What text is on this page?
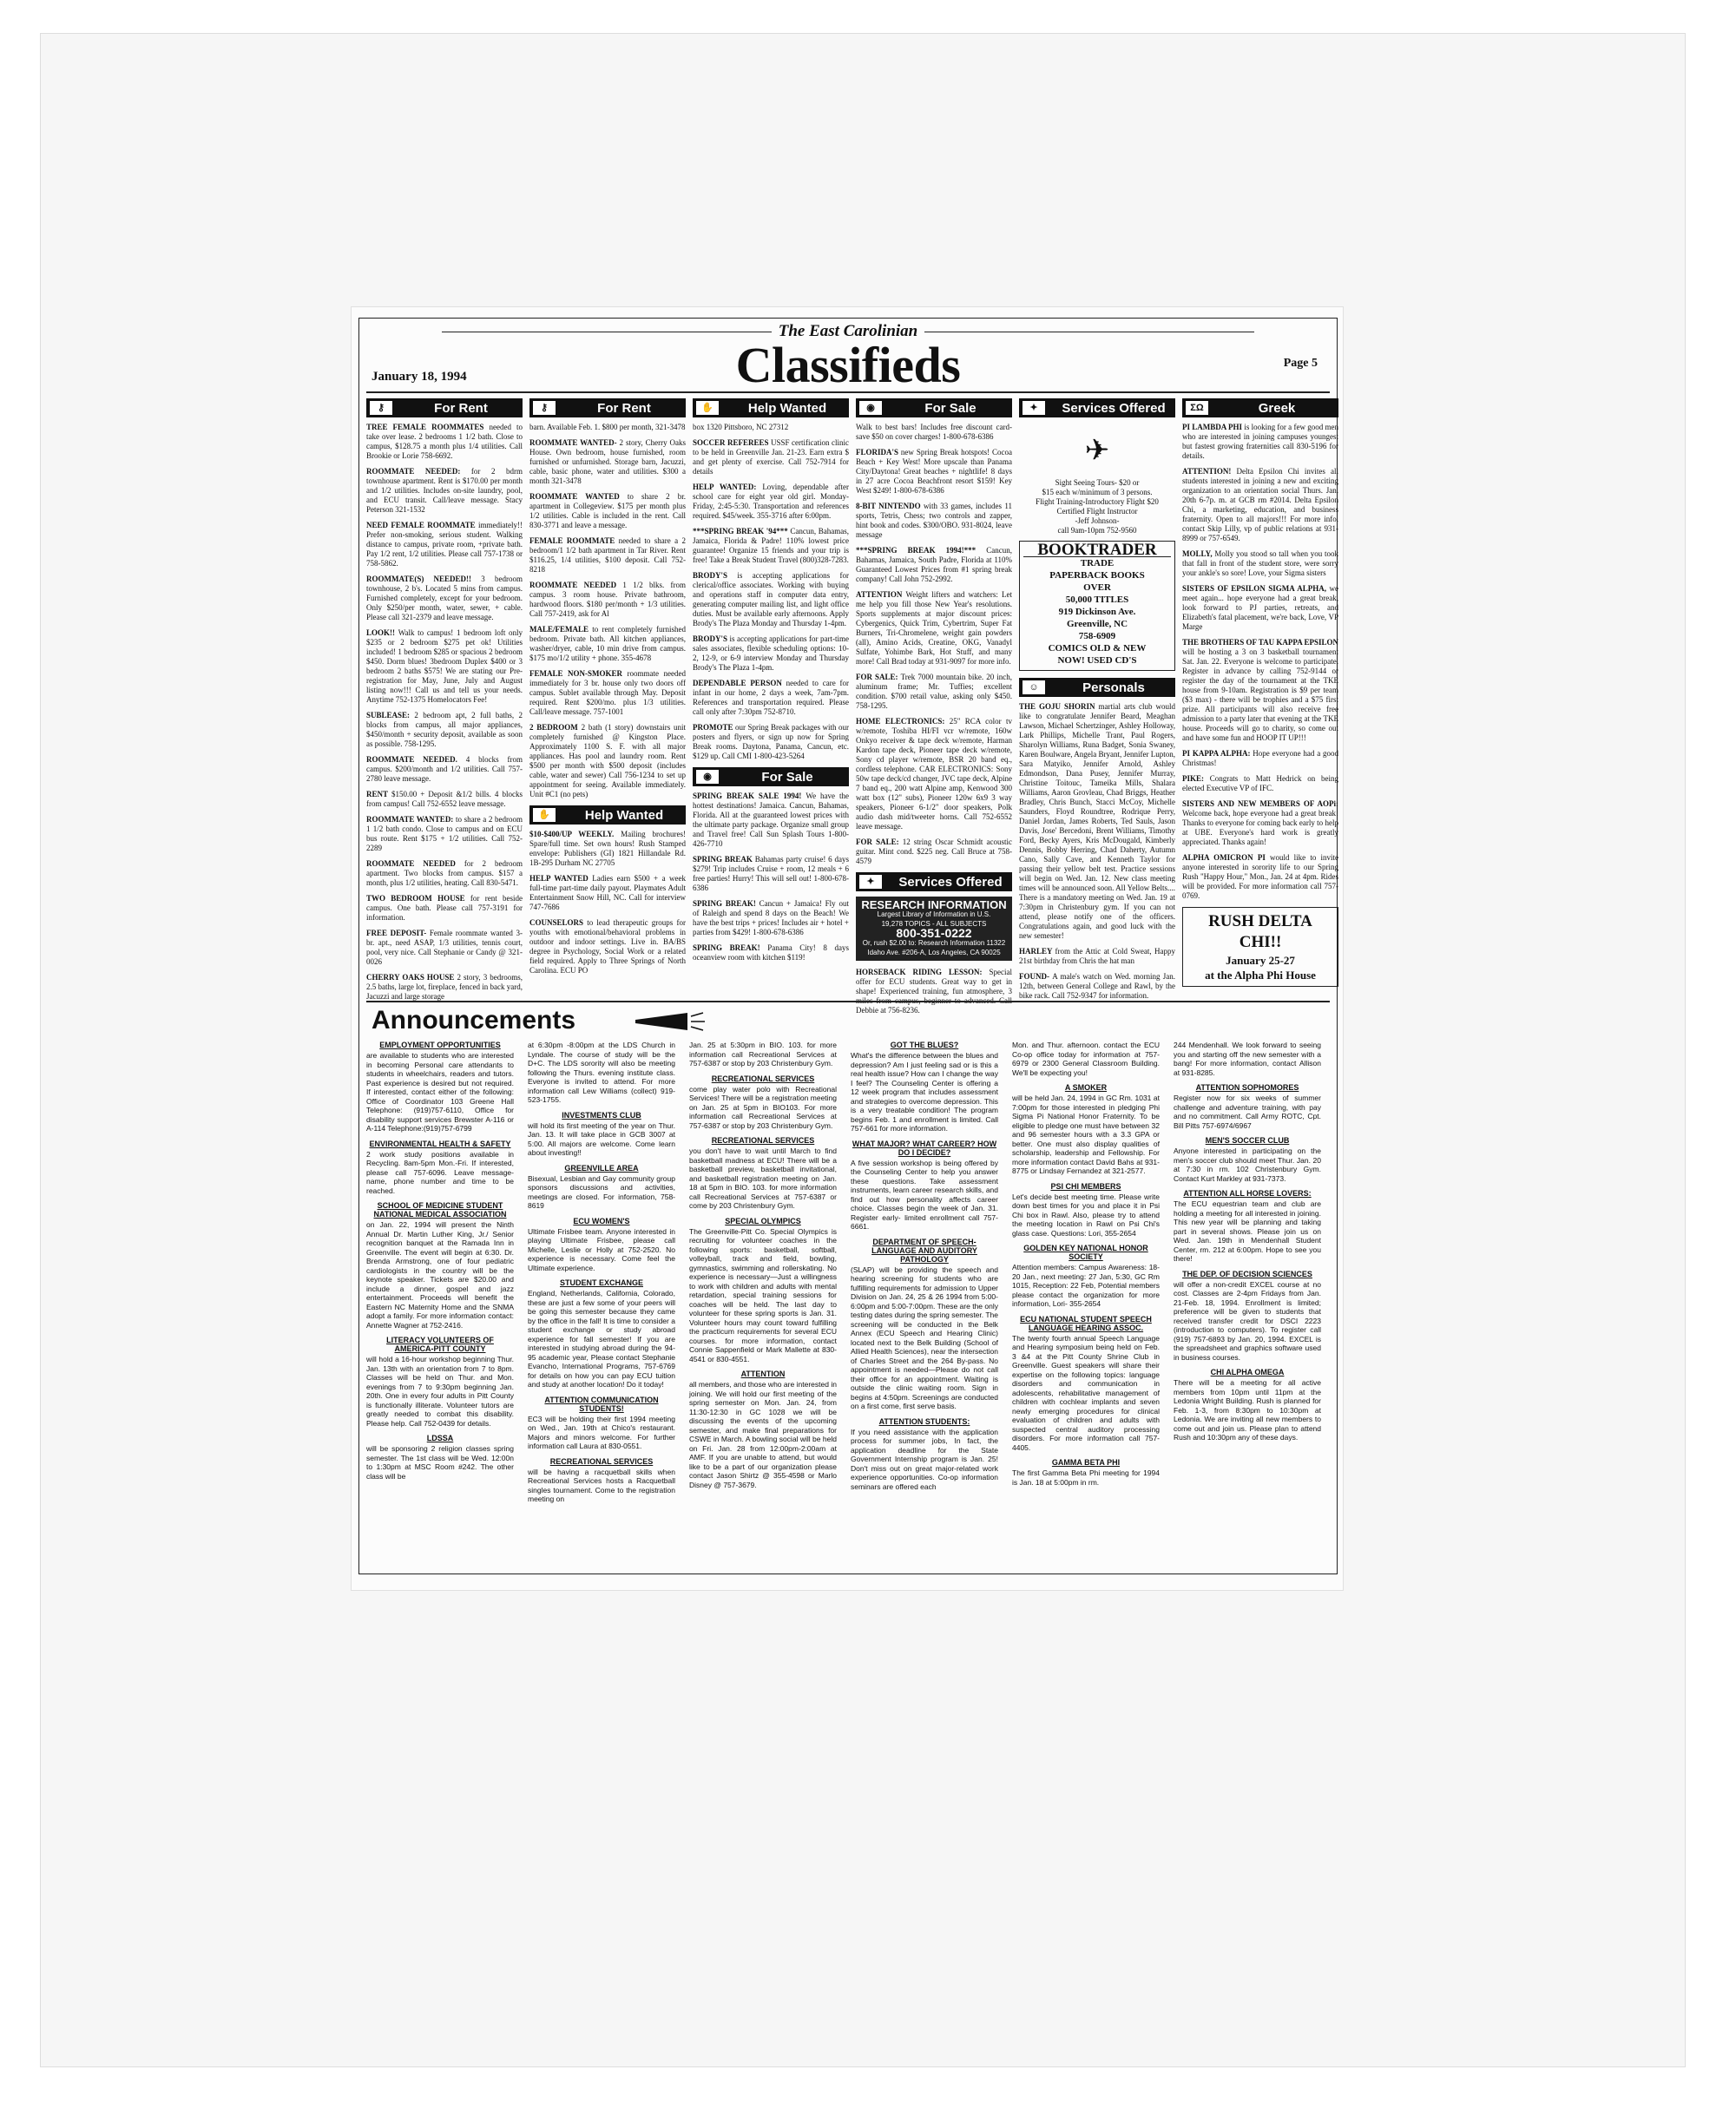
The East Carolinian
Classifieds
January 18, 1994
Page 5
⚷	For Rent
TREE FEMALE ROOMMATES needed to take over lease. 2 bedrooms 1 1/2 bath. Close to campus, $128.75 a month plus 1/4 utilities. Call Brookie or Lorie 758-6692.
ROOMMATE NEEDED: for 2 bdrm townhouse apartment. Rent is $170.00 per month and 1/2 utilities. Includes on-site laundry, pool, and ECU transit. Call/leave message. Stacy Peterson 321-1532
NEED FEMALE ROOMMATE immediately!! Prefer non-smoking, serious student. Walking distance to campus, private room, +private bath. Pay 1/2 rent, 1/2 utilities. Please call 757-1738 or 758-5862.
ROOMMATE(S) NEEDED!! 3 bedroom townhouse, 2 b's. Located 5 mins from campus. Furnished completely, except for your bedroom. Only $250/per month, water, sewer, + cable. Please call 321-2379 and leave message.
LOOK!! Walk to campus! 1 bedroom loft only $235 or 2 bedroom $275 pet ok! Utilities included! 1 bedroom $285 or spacious 2 bedroom $450. Dorm blues! 3bedroom Duplex $400 or 3 bedroom 2 baths $575! We are stating our Pre-registration for May, June, July and August listing now!!! Call us and tell us your needs. Anytime 752-1375 Homelocators Fee!
SUBLEASE: 2 bedroom apt, 2 full baths, 2 blocks from campus, all major appliances, $450/month + security deposit, available as soon as possible. 758-1295.
ROOMMATE NEEDED. 4 blocks from campus. $200/month and 1/2 utilities. Call 757-2780 leave message.
RENT $150.00 + Deposit &1/2 bills. 4 blocks from campus! Call 752-6552 leave message.
ROOMMATE WANTED: to share a 2 bedroom 1 1/2 bath condo. Close to campus and on ECU bus route. Rent $175 + 1/2 utilities. Call 752-2289
ROOMMATE NEEDED for 2 bedroom apartment. Two blocks from campus. $157 a month, plus 1/2 utilities, heating. Call 830-5471.
TWO BEDROOM HOUSE for rent beside campus. One bath. Please call 757-3191 for information.
FREE DEPOSIT- Female roommate wanted 3-br. apt., need ASAP, 1/3 utilities, tennis court, pool, very nice. Call Stephanie or Candy @ 321-0026
CHERRY OAKS HOUSE 2 story, 3 bedrooms, 2.5 baths, large lot, fireplace, fenced in back yard, Jacuzzi and large storage
⚷	For Rent
barn. Available Feb. 1. $800 per month, 321-3478
ROOMMATE WANTED- 2 story, Cherry Oaks House. Own bedroom, house furnished, room furnished or unfurnished. Storage barn, Jacuzzi, cable, basic phone, water and utilities. $300 a month 321-3478
ROOMMATE WANTED to share 2 br. apartment in Collegeview. $175 per month plus 1/2 utilities. Cable is included in the rent. Call 830-3771 and leave a message.
FEMALE ROOMMATE needed to share a 2 bedroom/1 1/2 bath apartment in Tar River. Rent $116.25, 1/4 utilities, $100 deposit. Call 752-8218
ROOMMATE NEEDED 1 1/2 blks. from campus. 3 room house. Private bathroom, hardwood floors. $180 per/month + 1/3 utilities. Call 757-2419, ask for Al
MALE/FEMALE to rent completely furnished bedroom. Private bath. All kitchen appliances, washer/dryer, cable, 10 min drive from campus. $175 mo/1/2 utility + phone. 355-4678
FEMALE NON-SMOKER roommate needed immediately for 3 br. house only two doors off campus. Sublet available through May. Deposit required. Rent $200/mo. plus 1/3 utilities. Call/leave message. 757-1001
2 BEDROOM 2 bath (1 story) downstairs unit completely furnished @ Kingston Place. Approximately 1100 S. F. with all major appliances. Has pool and laundry room. Rent $500 per month with $500 deposit (includes cable, water and sewer) Call 756-1234 to set up appointment for seeing. Available immediately. Unit #C1 (no pets)
✋	Help Wanted
$10-$400/UP WEEKLY. Mailing brochures! Spare/full time. Set own hours! Rush Stamped envelope: Publishers (GI) 1821 Hillandale Rd. 1B-295 Durham NC 27705
HELP WANTED Ladies earn $500 + a week full-time part-time daily payout. Playmates Adult Entertainment Snow Hill, NC. Call for interview 747-7686
COUNSELORS to lead therapeutic groups for youths with emotional/behavioral problems in outdoor and indoor settings. Live in. BA/BS degree in Psychology, Social Work or a related field required. Apply to Three Springs of North Carolina. ECU PO
✋	Help Wanted
box 1320 Pittsboro, NC 27312
SOCCER REFEREES USSF certification clinic to be held in Greenville Jan. 21-23. Earn extra $ and get plenty of exercise. Call 752-7914 for details
HELP WANTED: Loving, dependable after school care for eight year old girl. Monday- Friday, 2:45-5:30. Transportation and references required. $45/week. 355-3716 after 6:00pm.
***SPRING BREAK '94*** Cancun, Bahamas, Jamaica, Florida & Padre! 110% lowest price guarantee! Organize 15 friends and your trip is free! Take a Break Student Travel (800)328-7283.
BRODY'S is accepting applications for clerical/office associates. Working with buying and operations staff in computer data entry, generating computer mailing list, and light office duties. Must be available early afternoons. Apply Brody's The Plaza Monday and Thursday 1-4pm.
BRODY'S is accepting applications for part-time sales associates, flexible scheduling options: 10-2, 12-9, or 6-9 interview Monday and Thursday Brody's The Plaza 1-4pm.
DEPENDABLE PERSON needed to care for infant in our home, 2 days a week, 7am-7pm. References and transportation required. Please call only after 7:30pm 752-8710.
PROMOTE our Spring Break packages with our posters and flyers, or sign up now for Spring Break rooms. Daytona, Panama, Cancun, etc. $129 up. Call CMI 1-800-423-5264
◉	For Sale
SPRING BREAK SALE 1994! We have the hottest destinations! Jamaica. Cancun, Bahamas, Florida. All at the guaranteed lowest prices with the ultimate party package. Organize small group and Travel free! Call Sun Splash Tours 1-800-426-7710
SPRING BREAK Bahamas party cruise! 6 days $279! Trip includes Cruise + room, 12 meals + 6 free parties! Hurry! This will sell out! 1-800-678-6386
SPRING BREAK! Cancun + Jamaica! Fly out of Raleigh and spend 8 days on the Beach! We have the best trips + prices! Includes air + hotel + parties from $429! 1-800-678-6386
SPRING BREAK! Panama City! 8 days oceanview room with kitchen $119!
◉	For Sale
Walk to best bars! Includes free discount card- save $50 on cover charges! 1-800-678-6386
FLORIDA'S new Spring Break hotspots! Cocoa Beach + Key West! More upscale than Panama City/Daytona! Great beaches + nightlife! 8 days in 27 acre Cocoa Beachfront resort $159! Key West $249! 1-800-678-6386
8-BIT NINTENDO with 33 games, includes 11 sports, Tetris, Chess; two controls and zapper, hint book and codes. $300/OBO. 931-8024, leave message
***SPRING BREAK 1994!*** Cancun, Bahamas, Jamaica, South Padre, Florida at 110% Guaranteed Lowest Prices from #1 spring break company! Call John 752-2992.
ATTENTION Weight lifters and watchers: Let me help you fill those New Year's resolutions. Sports supplements at major discount prices: Cybergenics, Quick Trim, Cybertrim, Super Fat Burners, Tri-Chromelene, weight gain powders (all), Amino Acids, Creatine, OKG, Vanadyl Sulfate, Yohimbe Bark, Hot Stuff, and many more! Call Brad today at 931-9097 for more info.
FOR SALE: Trek 7000 mountain bike. 20 inch, aluminum frame; Mr. Tuffies; excellent condition. $700 retail value, asking only $450. 758-1295.
HOME ELECTRONICS: 25" RCA color tv w/remote, Toshiba HI/FI vcr w/remote, 160w Onkyo receiver & tape deck w/remote, Harman Kardon tape deck, Pioneer tape deck w/remote, Sony cd player w/remote, BSR 20 band eq., cordless telephone. CAR ELECTRONICS: Sony 50w tape deck/cd changer, JVC tape deck, Alpine 7 band eq., 200 watt Alpine amp, Kenwood 300 watt box (12" subs), Pioneer 120w 6x9 3 way speakers, Pioneer 6-1/2" door speakers, Polk audio dash mid/tweeter horns. Call 752-6552 leave message.
FOR SALE: 12 string Oscar Schmidt acoustic guitar. Mint cond. $225 neg. Call Bruce at 758-4579
✦	Services Offered
RESEARCH INFORMATION
Largest Library of Information in U.S.
19,278 TOPICS - ALL SUBJECTS
800-351-0222
Or, rush $2.00 to: Research Information 11322 Idaho Ave. #206-A, Los Angeles, CA 90025
HORSEBACK RIDING LESSON: Special offer for ECU students. Great way to get in shape! Experienced training, fun atmosphere, 3 miles from campus, beginner to advanced. Call Debbie at 756-8236.
✦	Services Offered
✈
Sight Seeing Tours- $20 or
$15 each w/minimum of 3 persons.
Flight Training-Introductory Flight $20
Certified Flight Instructor
-Jeff Johnson-
call 9am-10pm 752-9560
BOOKTRADER
TRADE
PAPERBACK BOOKS
OVER
50,000 TITLES
919 Dickinson Ave.
Greenville, NC
758-6909
COMICS OLD & NEW
NOW! USED CD'S
☺	Personals
THE GOJU SHORIN martial arts club would like to congratulate Jennifer Beard, Meaghan Lawson, Michael Schertzinger, Ashley Holloway, Lark Phillips, Michelle Trant, Paul Rogers, Sharolyn Williams, Runa Badget, Sonia Swaney, Karen Boulware, Angela Bryant, Jennifer Lupton, Sara Matyiko, Jennifer Arnold, Ashley Edmondson, Dana Pusey, Jennifer Murray, Christine Toitouc, Tameika Mills, Shalara Williams, Aaron Grovleau, Chad Briggs, Heather Bradley, Chris Bunch, Stacci McCoy, Michelle Saunders, Floyd Roundtree, Rodrique Perry, Daniel Jordan, James Roberts, Ted Sauls, Jason Davis, Jose' Bercedoni, Brent Williams, Timothy Ford, Becky Ayers, Kris McDougald, Kimberly Dennis, Bobby Herring, Chad Daherty, Autumn Cano, Sally Cave, and Kenneth Taylor for passing their yellow belt test. Practice sessions will begin on Wed. Jan. 12. New class meeting times will be announced soon. All Yellow Belts.... There is a mandatory meeting on Wed. Jan. 19 at 7:30pm in Christenbury gym. If you can not attend, please notify one of the officers. Congratulations again, and good luck with the new semester!
HARLEY from the Attic at Cold Sweat, Happy 21st birthday from Chris the hat man
FOUND- A male's watch on Wed. morning Jan. 12th, between General College and Rawl, by the bike rack. Call 752-9347 for information.
ΣΩ	Greek
PI LAMBDA PHI is looking for a few good men who are interested in joining campuses youngest but fastest growing fraternities call 830-5196 for details.
ATTENTION! Delta Epsilon Chi invites all students interested in joining a new and exciting organization to an orientation social Thurs. Jan. 20th 6-7p. m. at GCB rm #2014. Delta Epsilon Chi, a marketing, education, and business fraternity. Open to all majors!!! For more info. contact Skip Lilly, vp of public relations at 931-8999 or 757-6549.
MOLLY, Molly you stood so tall when you took that fall in front of the student store, were sorry your ankle's so sore! Love, your Sigma sisters
SISTERS OF EPSILON SIGMA ALPHA, we meet again... hope everyone had a great break, look forward to PJ parties, retreats, and Elizabeth's fatal placement, we're back, Love, VP Marge
THE BROTHERS OF TAU KAPPA EPSILON will be hosting a 3 on 3 basketball tournament Sat. Jan. 22. Everyone is welcome to participate. Register in advance by calling 752-9144 or register the day of the tournament at the TKE house from 9-10am. Registration is $9 per team ($3 max) - there will be trophies and a $75 first prize. All participants will also receive free admission to a party later that evening at the TKE house. Proceeds will go to charity, so come out and have some fun and HOOP IT UP!!!
PI KAPPA ALPHA: Hope everyone had a good Christmas!
PIKE: Congrats to Matt Hedrick on being elected Executive VP of IFC.
SISTERS AND NEW MEMBERS OF AOPi: Welcome back, hope everyone had a great break! Thanks to everyone for coming back early to help at UBE. Everyone's hard work is greatly appreciated. Thanks again!
ALPHA OMICRON PI would like to invite anyone interested in sorority life to our Spring Rush "Happy Hour," Mon., Jan. 24 at 4pm. Rides will be provided. For more information call 757-0769.
RUSH DELTA CHI!!
January 25-27
at the Alpha Phi House
Announcements
EMPLOYMENT OPPORTUNITIES
are available to students who are interested in becoming Personal care attendants to students in wheelchairs, readers and tutors. Past experience is desired but not required. If interested, contact either of the following: Office of Coordinator 103 Greene Hall Telephone: (919)757-6110, Office for disability support services Brewster A-116 or A-114 Telephone:(919)757-6799
ENVIRONMENTAL HEALTH & SAFETY
2 work study positions available in Recycling. 8am-5pm Mon.-Fri. If interested, please call 757-6096. Leave message- name, phone number and time to be reached.
SCHOOL OF MEDICINE STUDENT NATIONAL MEDICAL ASSOCIATION
on Jan. 22, 1994 will present the Ninth Annual Dr. Martin Luther King, Jr./ Senior recognition banquet at the Ramada Inn in Greenville. The event will begin at 6:30. Dr. Brenda Armstrong, one of four pediatric cardiologists in the country will be the keynote speaker. Tickets are $20.00 and include a dinner, gospel and jazz entertainment. Proceeds will benefit the Eastern NC Maternity Home and the SNMA adopt a family. For more information contact: Annette Wagner at 752-2416.
LITERACY VOLUNTEERS OF AMERICA-PITT COUNTY
will hold a 16-hour workshop beginning Thur. Jan. 13th with an orientation from 7 to 8pm. Classes will be held on Thur. and Mon. evenings from 7 to 9:30pm beginning Jan. 20th. One in every four adults in Pitt County is functionally illiterate. Volunteer tutors are greatly needed to combat this disability. Please help. Call 752-0439 for details.
LDSSA
will be sponsoring 2 religion classes spring semester. The 1st class will be Wed. 12:00n to 1:30pm at MSC Room #242. The other class will be
at 6:30pm -8:00pm at the LDS Church in Lyndale. The course of study will be the D+C. The LDS sorority will also be meeting following the Thurs. evening institute class. Everyone is invited to attend. For more information call Lew Williams (collect) 919-523-1755.
INVESTMENTS CLUB
will hold its first meeting of the year on Thur. Jan. 13. It will take place in GCB 3007 at 5:00. All majors are welcome. Come learn about investing!!
GREENVILLE AREA
Bisexual, Lesbian and Gay community group sponsors discussions and activities, meetings are closed. For information, 758-8619
ECU WOMEN'S
Ultimate Frisbee team. Anyone interested in playing Ultimate Frisbee, please call Michelle, Leslie or Holly at 752-2520. No experience is necessary. Come feel the Ultimate experience.
STUDENT EXCHANGE
England, Netherlands, California, Colorado, these are just a few some of your peers will be going this semester because they came by the office in the fall! It is time to consider a student exchange or study abroad experience for fall semester! If you are interested in studying abroad during the 94-95 academic year, Please contact Stephanie Evancho, International Programs, 757-6769 for details on how you can pay ECU tuition and study at another location! Do it today!
ATTENTION COMMUNICATION STUDENTS!
EC3 will be holding their first 1994 meeting on Wed., Jan. 19th at Chico's restaurant. Majors and minors welcome. For further information call Laura at 830-0551.
RECREATIONAL SERVICES
will be having a racquetball skills when Recreational Services hosts a Racquetball singles tournament. Come to the registration meeting on
Jan. 25 at 5:30pm in BIO. 103. for more information call Recreational Services at 757-6387 or stop by 203 Christenbury Gym.
RECREATIONAL SERVICES
come play water polo with Recreational Services! There will be a registration meeting on Jan. 25 at 5pm in BIO103. For more information call Recreational Services at 757-6387 or stop by 203 Christenbury Gym.
RECREATIONAL SERVICES
you don't have to wait until March to find basketball madness at ECU! There will be a basketball preview, basketball invitational, and basketball registration meeting on Jan. 18 at 5pm in BIO. 103. for more information call Recreational Services at 757-6387 or come by 203 Christenbury Gym.
SPECIAL OLYMPICS
The Greenville-Pitt Co. Special Olympics is recruiting for volunteer coaches in the following sports: basketball, softball, volleyball, track and field, bowling, gymnastics, swimming and rollerskating. No experience is necessary—Just a willingness to work with children and adults with mental retardation, special training sessions for coaches will be held. The last day to volunteer for these spring sports is Jan. 31. Volunteer hours may count toward fulfilling the practicum requirements for several ECU courses. for more information, contact Connie Sappenfield or Mark Mallette at 830-4541 or 830-4551.
ATTENTION
all members, and those who are interested in joining. We will hold our first meeting of the spring semester on Mon. Jan. 24, from 11:30-12:30 in GC 1028 we will be discussing the events of the upcoming semester, and make final preparations for CSWE in March. A bowling social will be held on Fri. Jan. 28 from 12:00pm-2:00am at AMF. If you are unable to attend, but would like to be a part of our organization please contact Jason Shirtz @ 355-4598 or Marlo Disney @ 757-3679.
GOT THE BLUES?
What's the difference between the blues and depression? Am I just feeling sad or is this a real health issue? How can I change the way I feel? The Counseling Center is offering a 12 week program that includes assessment and strategies to overcome depression. This is a very treatable condition! The program begins Feb. 1 and enrollment is limited. Call 757-661 for more information.
WHAT MAJOR? WHAT CAREER? HOW DO I DECIDE?
A five session workshop is being offered by the Counseling Center to help you answer these questions. Take assessment instruments, learn career research skills, and find out how personality affects career choice. Classes begin the week of Jan. 31. Register early- limited enrollment call 757-6661.
DEPARTMENT OF SPEECH-LANGUAGE AND AUDITORY PATHOLOGY
(SLAP) will be providing the speech and hearing screening for students who are fulfilling requirements for admission to Upper Division on Jan. 24, 25 & 26 1994 from 5:00-6:00pm and 5:00-7:00pm. These are the only testing dates during the spring semester. The screening will be conducted in the Belk Annex (ECU Speech and Hearing Clinic) located next to the Belk Building (School of Allied Health Sciences), near the intersection of Charles Street and the 264 By-pass. No appointment is needed—Please do not call their office for an appointment. Waiting is outside the clinic waiting room. Sign in begins at 4:50pm. Screenings are conducted on a first come, first serve basis.
ATTENTION STUDENTS:
If you need assistance with the application process for summer jobs, In fact, the application deadline for the State Government Internship program is Jan. 25! Don't miss out on great major-related work experience opportunities. Co-op information seminars are offered each
Mon. and Thur. afternoon. contact the ECU Co-op office today for information at 757-6979 or 2300 General Classroom Building. We'll be expecting you!
A SMOKER
will be held Jan. 24, 1994 in GC Rm. 1031 at 7:00pm for those interested in pledging Phi Sigma Pi National Honor Fraternity. To be eligible to pledge one must have between 32 and 96 semester hours with a 3.3 GPA or better. One must also display qualities of scholarship, leadership and Fellowship. For more information contact David Bahs at 931-8775 or Lindsay Fernandez at 321-2577.
PSI CHI MEMBERS
Let's decide best meeting time. Please write down best times for you and place it in Psi Chi box in Rawl. Also, please try to attend the meeting location in Rawl on Psi Chi's glass case. Questions: Lori, 355-2654
GOLDEN KEY NATIONAL HONOR SOCIETY
Attention members: Campus Awareness: 18-20 Jan., next meeting: 27 Jan, 5:30, GC Rm 1015, Reception: 22 Feb, Potential members please contact the organization for more information, Lori- 355-2654
ECU NATIONAL STUDENT SPEECH LANGUAGE HEARING ASSOC.
The twenty fourth annual Speech Language and Hearing symposium being held on Feb. 3 &4 at the Pitt County Shrine Club in Greenville. Guest speakers will share their expertise on the following topics: language disorders and communication in adolescents, rehabilitative management of children with cochlear implants and seven newly emerging procedures for clinical evaluation of children and adults with suspected central auditory processing disorders. For more information call 757-4405.
GAMMA BETA PHI
The first Gamma Beta Phi meeting for 1994 is Jan. 18 at 5:00pm in rm.
244 Mendenhall. We look forward to seeing you and starting off the new semester with a bang! For more information, contact Allison at 931-8285.
ATTENTION SOPHOMORES
Register now for six weeks of summer challenge and adventure training, with pay and no commitment. Call Army ROTC, Cpt. Bill Pitts 757-6974/6967
MEN'S SOCCER CLUB
Anyone interested in participating on the men's soccer club should meet Thur. Jan. 20 at 7:30 in rm. 102 Christenbury Gym. Contact Kurt Markley at 931-7373.
ATTENTION ALL HORSE LOVERS:
The ECU equestrian team and club are holding a meeting for all interested in joining. This new year will be planning and taking part in several shows. Please join us on Wed. Jan. 19th in Mendenhall Student Center, rm. 212 at 6:00pm. Hope to see you there!
THE DEP. OF DECISION SCIENCES
will offer a non-credit EXCEL course at no cost. Classes are 2-4pm Fridays from Jan. 21-Feb. 18, 1994. Enrollment is limited; preference will be given to students that received transfer credit for DSCI 2223 (introduction to computers). To register call (919) 757-6893 by Jan. 20, 1994. EXCEL is the spreadsheet and graphics software used in business courses.
CHI ALPHA OMEGA
There will be a meeting for all active members from 10pm until 11pm at the Ledonia Wright Building. Rush is planned for Feb. 1-3, from 8:30pm to 10:30pm at Ledonia. We are inviting all new members to come out and join us. Please plan to attend Rush and 10:30pm any of these days.
